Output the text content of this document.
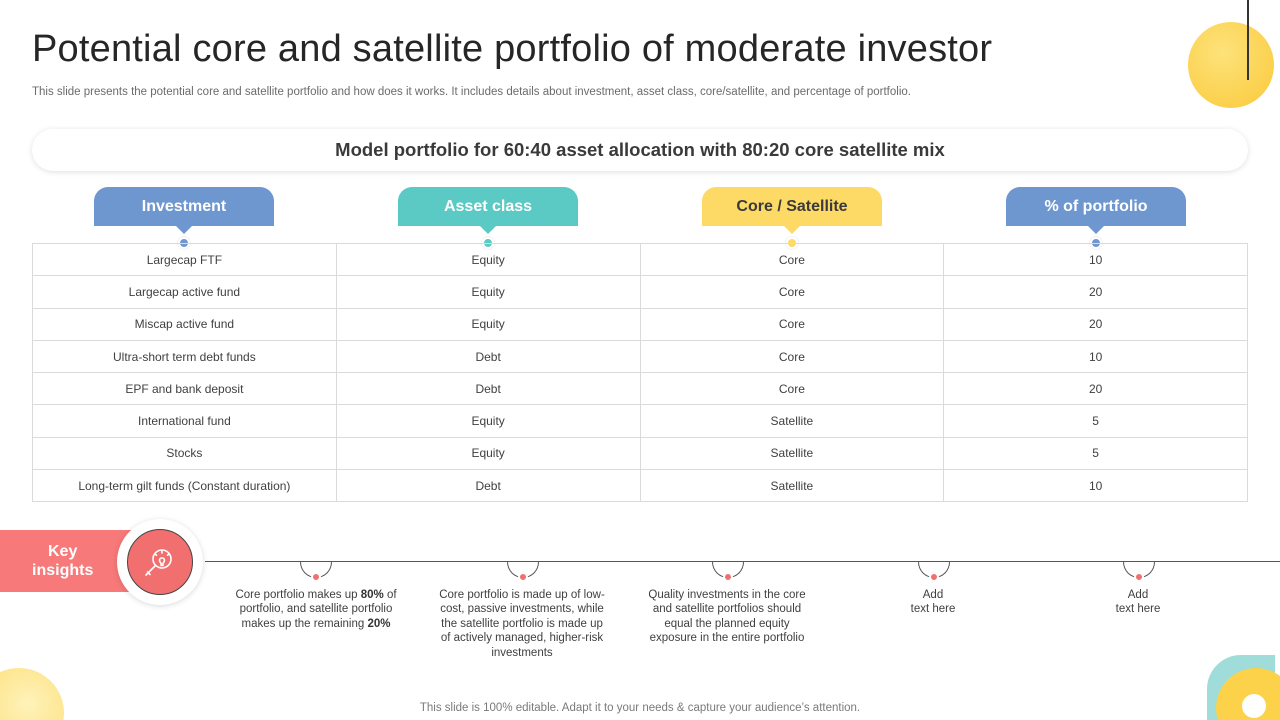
Potential core and satellite portfolio of moderate investor

This slide presents the potential core and satellite portfolio and how does it works. It includes details about investment, asset class, core/satellite, and percentage of portfolio.

Model portfolio for 60:40 asset allocation with 80:20 core satellite mix
Investment	Asset class	Core / Satellite	% of portfolio
Largecap FTF	Equity	Core	10
Largecap active fund	Equity	Core	20
Miscap active fund	Equity	Core	20
Ultra-short term debt funds	Debt	Core	10
EPF and bank deposit	Debt	Core	20
International fund	Equity	Satellite	5
Stocks	Equity	Satellite	5
Long-term gilt funds (Constant duration)	Debt	Satellite	10
Key
insights
Core portfolio makes up 80% of portfolio, and satellite portfolio makes up the remaining 20%
Core portfolio is made up of low-cost, passive investments, while the satellite portfolio is made up of actively managed, higher-risk investments
Quality investments in the core and satellite portfolios should equal the planned equity exposure in the entire portfolio
Add
text here
Add
text here
This slide is 100% editable. Adapt it to your needs & capture your audience’s attention.
